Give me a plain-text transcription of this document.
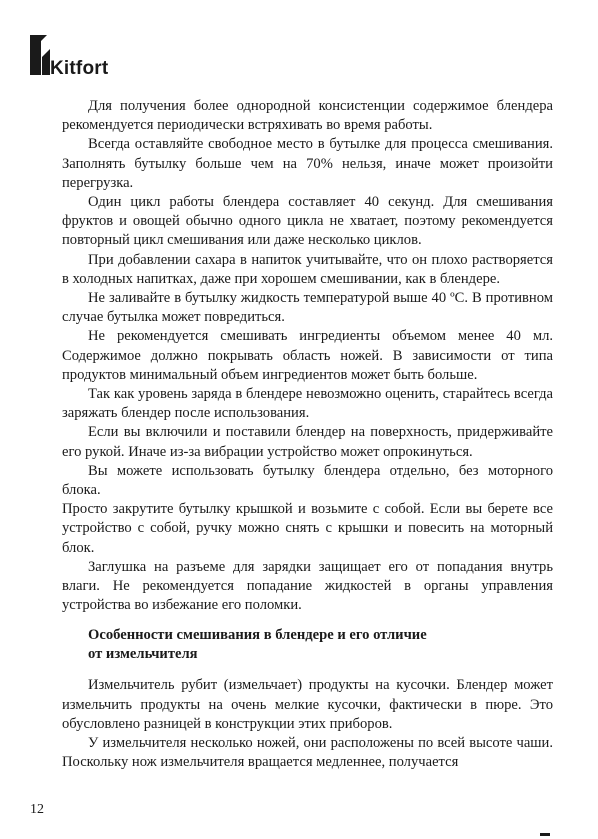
Kitfort

Для получения более однородной консистенции содержимое блендера рекомендуется периодически встряхивать во время работы.

Всегда оставляйте свободное место в бутылке для процесса смешивания. Заполнять бутылку больше чем на 70% нельзя, иначе может произойти перегрузка.

Один цикл работы блендера составляет 40 секунд. Для смешивания фруктов и овощей обычно одного цикла не хватает, поэтому рекомендуется повторный цикл смешивания или даже несколько циклов.

При добавлении сахара в напиток учитывайте, что он плохо растворяется в холодных напитках, даже при хорошем смешивании, как в блендере.

Не заливайте в бутылку жидкость температурой выше 40 ºС. В противном случае бутылка может повредиться.

Не рекомендуется смешивать ингредиенты объемом менее 40 мл. Содержимое должно покрывать область ножей. В зависимости от типа продуктов минимальный объем ингредиентов может быть больше.

Так как уровень заряда в блендере невозможно оценить, старайтесь всегда заряжать блендер после использования.

Если вы включили и поставили блендер на поверхность, придерживайте его рукой. Иначе из-за вибрации устройство может опрокинуться.

Вы можете использовать бутылку блендера отдельно, без моторного блока.

Просто закрутите бутылку крышкой и возьмите с собой. Если вы берете все устройство с собой, ручку можно снять с крышки и повесить на моторный блок.

Заглушка на разъеме для зарядки защищает его от попадания внутрь влаги. Не рекомендуется попадание жидкостей в органы управления устройства во избежание его поломки.

Особенности смешивания в блендере и его отличие
от измельчителя

Измельчитель рубит (измельчает) продукты на кусочки. Блендер может измельчить продукты на очень мелкие кусочки, фактически в пюре. Это обусловлено разницей в конструкции этих приборов.

У измельчителя несколько ножей, они расположены по всей высоте чаши. Поскольку нож измельчителя вращается медленнее, получается

12
